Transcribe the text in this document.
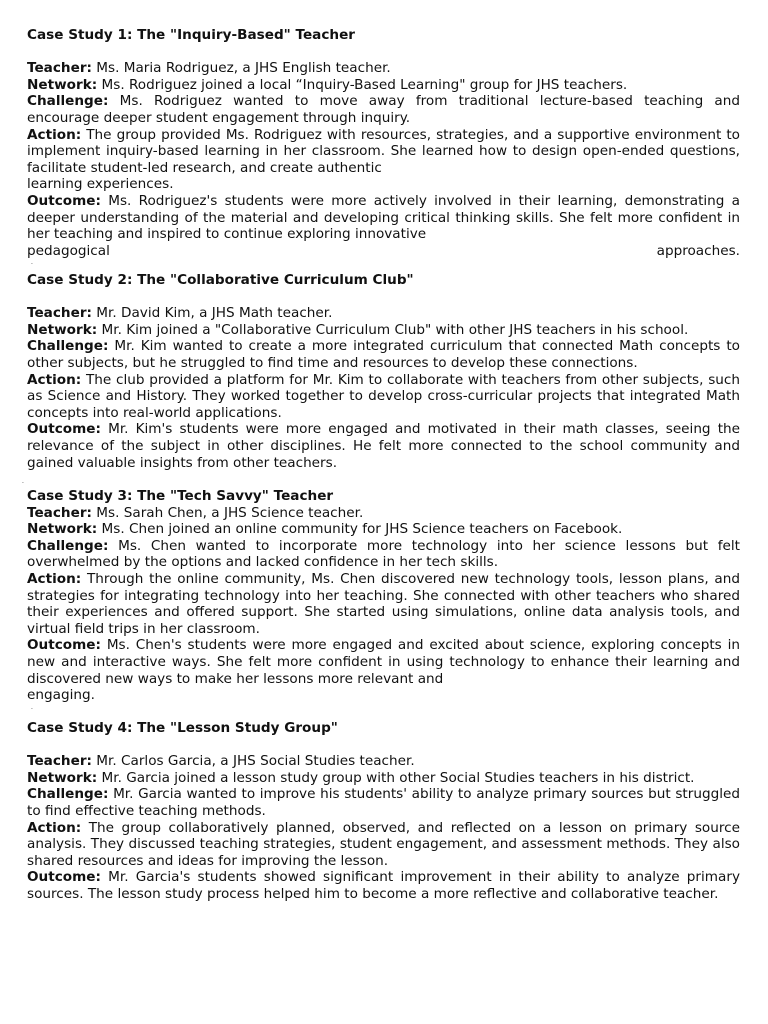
Case Study 1: The "Inquiry-Based" Teacher

Teacher: Ms. Maria Rodriguez, a JHS English teacher.

Network: Ms. Rodriguez joined a local “Inquiry-Based Learning" group for JHS teachers.

Challenge: Ms. Rodriguez wanted to move away from traditional lecture-based teaching and encourage deeper student engagement through inquiry.

Action: The group provided Ms. Rodriguez with resources, strategies, and a supportive environment to implement inquiry-based learning in her classroom. She learned how to design open-ended questions, facilitate student-led research, and create authentic

learning experiences.

Outcome: Ms. Rodriguez's students were more actively involved in their learning, demonstrating a deeper understanding of the material and developing critical thinking skills. She felt more confident in her teaching and inspired to continue exploring innovative

pedagogical	approaches.
.

Case Study 2: The "Collaborative Curriculum Club"

Teacher: Mr. David Kim, a JHS Math teacher.

Network: Mr. Kim joined a "Collaborative Curriculum Club" with other JHS teachers in his school.

Challenge: Mr. Kim wanted to create a more integrated curriculum that connected Math concepts to other subjects, but he struggled to find time and resources to develop these connections.

Action: The club provided a platform for Mr. Kim to collaborate with teachers from other subjects, such as Science and History. They worked together to develop cross-curricular projects that integrated Math concepts into real-world applications.

Outcome: Mr. Kim's students were more engaged and motivated in their math classes, seeing the relevance of the subject in other disciplines. He felt more connected to the school community and gained valuable insights from other teachers.

.

Case Study 3: The "Tech Savvy" Teacher

Teacher: Ms. Sarah Chen, a JHS Science teacher.

Network: Ms. Chen joined an online community for JHS Science teachers on Facebook.

Challenge: Ms. Chen wanted to incorporate more technology into her science lessons but felt overwhelmed by the options and lacked confidence in her tech skills.

Action: Through the online community, Ms. Chen discovered new technology tools, lesson plans, and strategies for integrating technology into her teaching. She connected with other teachers who shared their experiences and offered support. She started using simulations, online data analysis tools, and virtual field trips in her classroom.

Outcome: Ms. Chen's students were more engaged and excited about science, exploring concepts in new and interactive ways. She felt more confident in using technology to enhance their learning and discovered new ways to make her lessons more relevant and

engaging.

.

Case Study 4: The "Lesson Study Group"

Teacher: Mr. Carlos Garcia, a JHS Social Studies teacher.

Network: Mr. Garcia joined a lesson study group with other Social Studies teachers in his district.

Challenge: Mr. Garcia wanted to improve his students' ability to analyze primary sources but struggled to find effective teaching methods.

Action: The group collaboratively planned, observed, and reflected on a lesson on primary source analysis. They discussed teaching strategies, student engagement, and assessment methods. They also shared resources and ideas for improving the lesson.

Outcome: Mr. Garcia's students showed significant improvement in their ability to analyze primary sources. The lesson study process helped him to become a more reflective and collaborative teacher.
